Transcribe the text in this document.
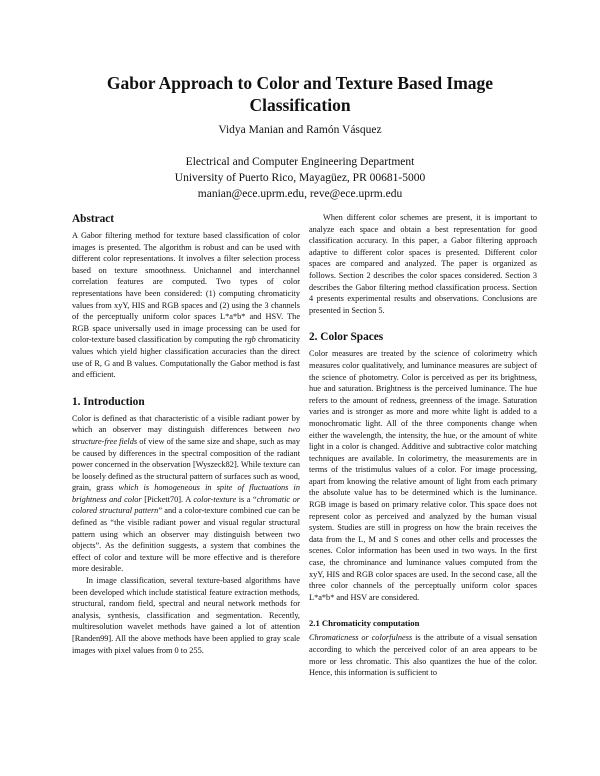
Gabor Approach to Color and Texture Based Image Classification
Vidya Manian and Ramón Vásquez
Electrical and Computer Engineering Department
University of Puerto Rico, Mayagüez, PR 00681-5000
manian@ece.uprm.edu, reve@ece.uprm.edu
Abstract

A Gabor filtering method for texture based classification of color images is presented. The algorithm is robust and can be used with different color representations. It involves a filter selection process based on texture smoothness. Unichannel and interchannel correlation features are computed. Two types of color representations have been considered: (1) computing chromaticity values from xyY, HIS and RGB spaces and (2) using the 3 channels of the perceptually uniform color spaces L*a*b* and HSV. The RGB space universally used in image processing can be used for color-texture based classification by computing the rgb chromaticity values which yield higher classification accuracies than the direct use of R, G and B values. Computationally the Gabor method is fast and efficient.

1. Introduction

Color is defined as that characteristic of a visible radiant power by which an observer may distinguish differences between two structure-free fields of view of the same size and shape, such as may be caused by differences in the spectral composition of the radiant power concerned in the observation [Wyszeck82]. While texture can be loosely defined as the structural pattern of surfaces such as wood, grain, grass which is homogeneous in spite of fluctuations in brightness and color [Pickett70]. A color-texture is a “chromatic or colored structural pattern” and a color-texture combined cue can be defined as “the visible radiant power and visual regular structural pattern using which an observer may distinguish between two objects”. As the definition suggests, a system that combines the effect of color and texture will be more effective and is therefore more desirable.

In image classification, several texture-based algorithms have been developed which include statistical feature extraction methods, structural, random field, spectral and neural network methods for analysis, synthesis, classification and segmentation. Recently, multiresolution wavelet methods have gained a lot of attention [Randen99]. All the above methods have been applied to gray scale images with pixel values from 0 to 255.

When different color schemes are present, it is important to analyze each space and obtain a best representation for good classification accuracy. In this paper, a Gabor filtering approach adaptive to different color spaces is presented. Different color spaces are compared and analyzed. The paper is organized as follows. Section 2 describes the color spaces considered. Section 3 describes the Gabor filtering method classification process. Section 4 presents experimental results and observations. Conclusions are presented in Section 5.

2. Color Spaces

Color measures are treated by the science of colorimetry which measures color qualitatively, and luminance measures are subject of the science of photometry. Color is perceived as per its brightness, hue and saturation. Brightness is the perceived luminance. The hue refers to the amount of redness, greenness of the image. Saturation varies and is stronger as more and more white light is added to a monochromatic light. All of the three components change when either the wavelength, the intensity, the hue, or the amount of white light in a color is changed. Additive and subtractive color matching techniques are available. In colorimetry, the measurements are in terms of the tristimulus values of a color. For image processing, apart from knowing the relative amount of light from each primary the absolute value has to be determined which is the luminance. RGB image is based on primary relative color. This space does not represent color as perceived and analyzed by the human visual system. Studies are still in progress on how the brain receives the data from the L, M and S cones and other cells and processes the scenes. Color information has been used in two ways. In the first case, the chrominance and luminance values computed from the xyY, HIS and RGB color spaces are used. In the second case, all the three color channels of the perceptually uniform color spaces L*a*b* and HSV are considered.

2.1 Chromaticity computation

Chromaticness or colorfulness is the attribute of a visual sensation according to which the perceived color of an area appears to be more or less chromatic. This also quantizes the hue of the color. Hence, this information is sufficient to
